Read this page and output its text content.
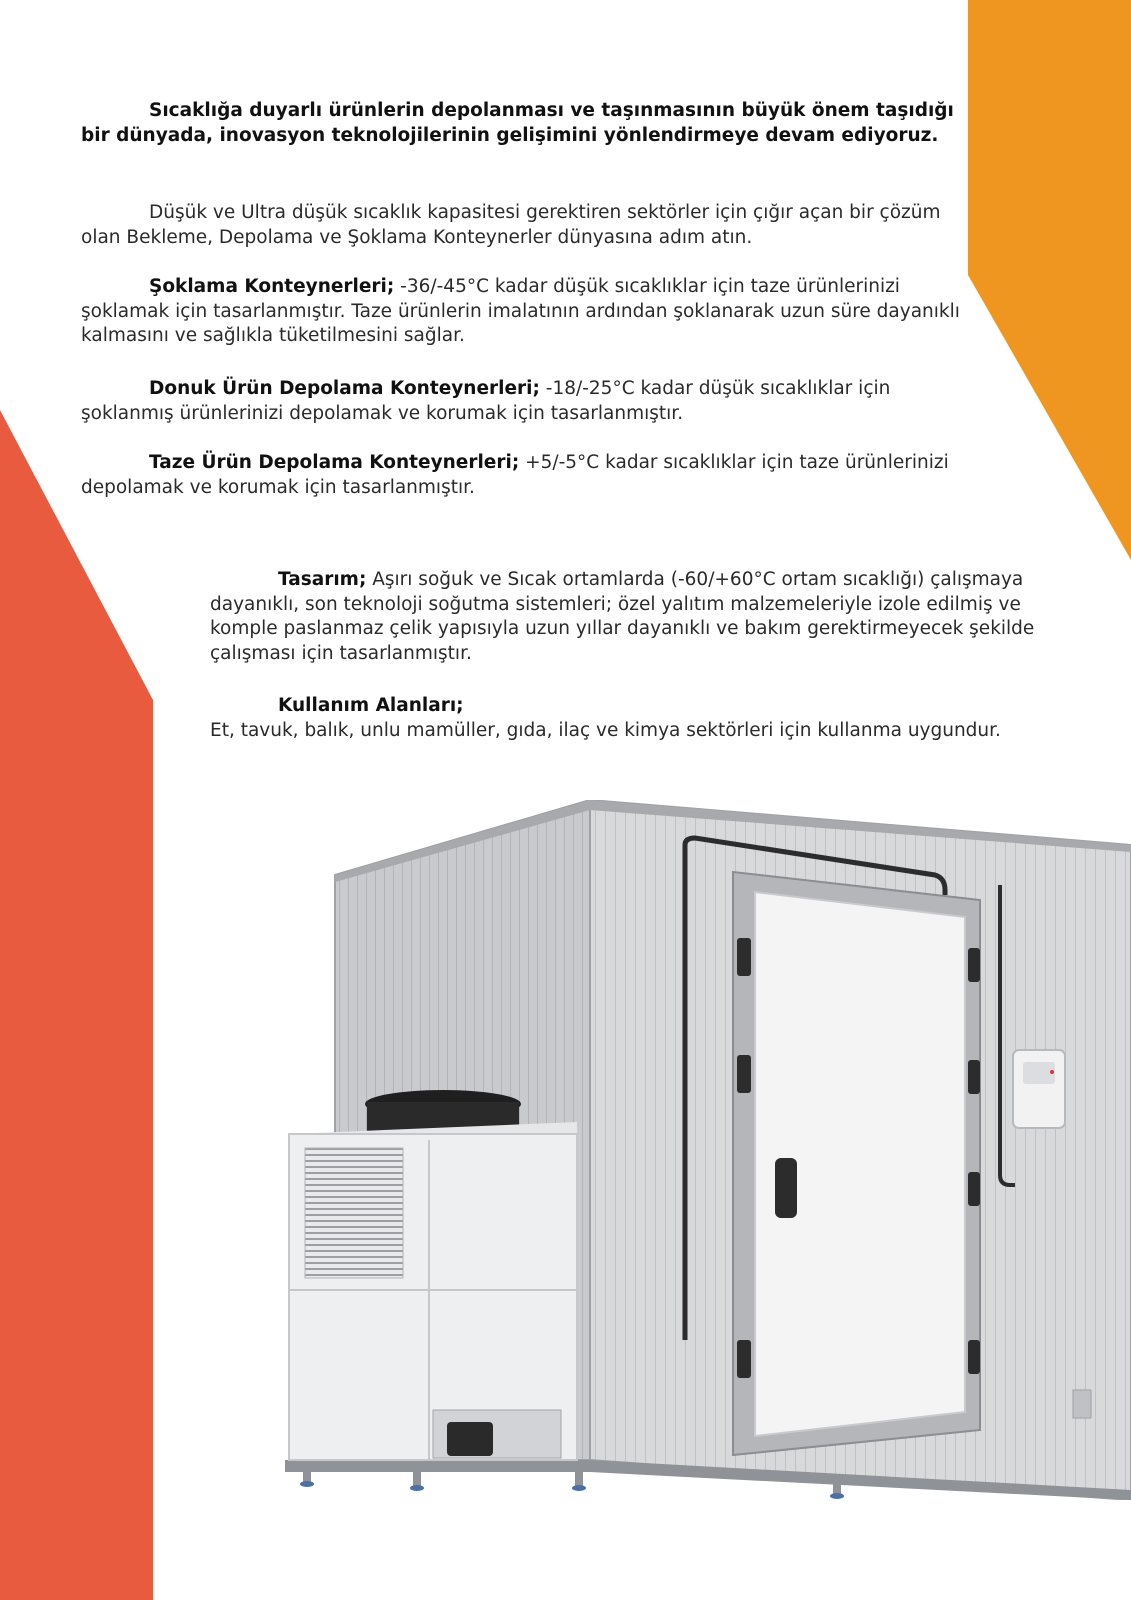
Sıcaklığa duyarlı ürünlerin depolanması ve taşınmasının büyük önem taşıdığı bir dünyada, inovasyon teknolojilerinin gelişimini yönlendirmeye devam ediyoruz.

Düşük ve Ultra düşük sıcaklık kapasitesi gerektiren sektörler için çığır açan bir çözüm olan Bekleme, Depolama ve Şoklama Konteynerler dünyasına adım atın.

Şoklama Konteynerleri; -36/-45°C kadar düşük sıcaklıklar için taze ürünlerinizi şoklamak için tasarlanmıştır. Taze ürünlerin imalatının ardından şoklanarak uzun süre dayanıklı kalmasını ve sağlıkla tüketilmesini sağlar.

Donuk Ürün Depolama Konteynerleri; -18/-25°C kadar düşük sıcaklıklar için şoklanmış ürünlerinizi depolamak ve korumak için tasarlanmıştır.

Taze Ürün Depolama Konteynerleri; +5/-5°C kadar sıcaklıklar için taze ürünlerinizi depolamak ve korumak için tasarlanmıştır.

Tasarım; Aşırı soğuk ve Sıcak ortamlarda (-60/+60°C ortam sıcaklığı) çalışmaya dayanıklı, son teknoloji soğutma sistemleri; özel yalıtım malzemeleriyle izole edilmiş ve komple paslanmaz çelik yapısıyla uzun yıllar dayanıklı ve bakım gerektirmeyecek şekilde çalışması için tasarlanmıştır.

Kullanım Alanları;

Et, tavuk, balık, unlu mamüller, gıda, ilaç ve kimya sektörleri için kullanma uygundur.
